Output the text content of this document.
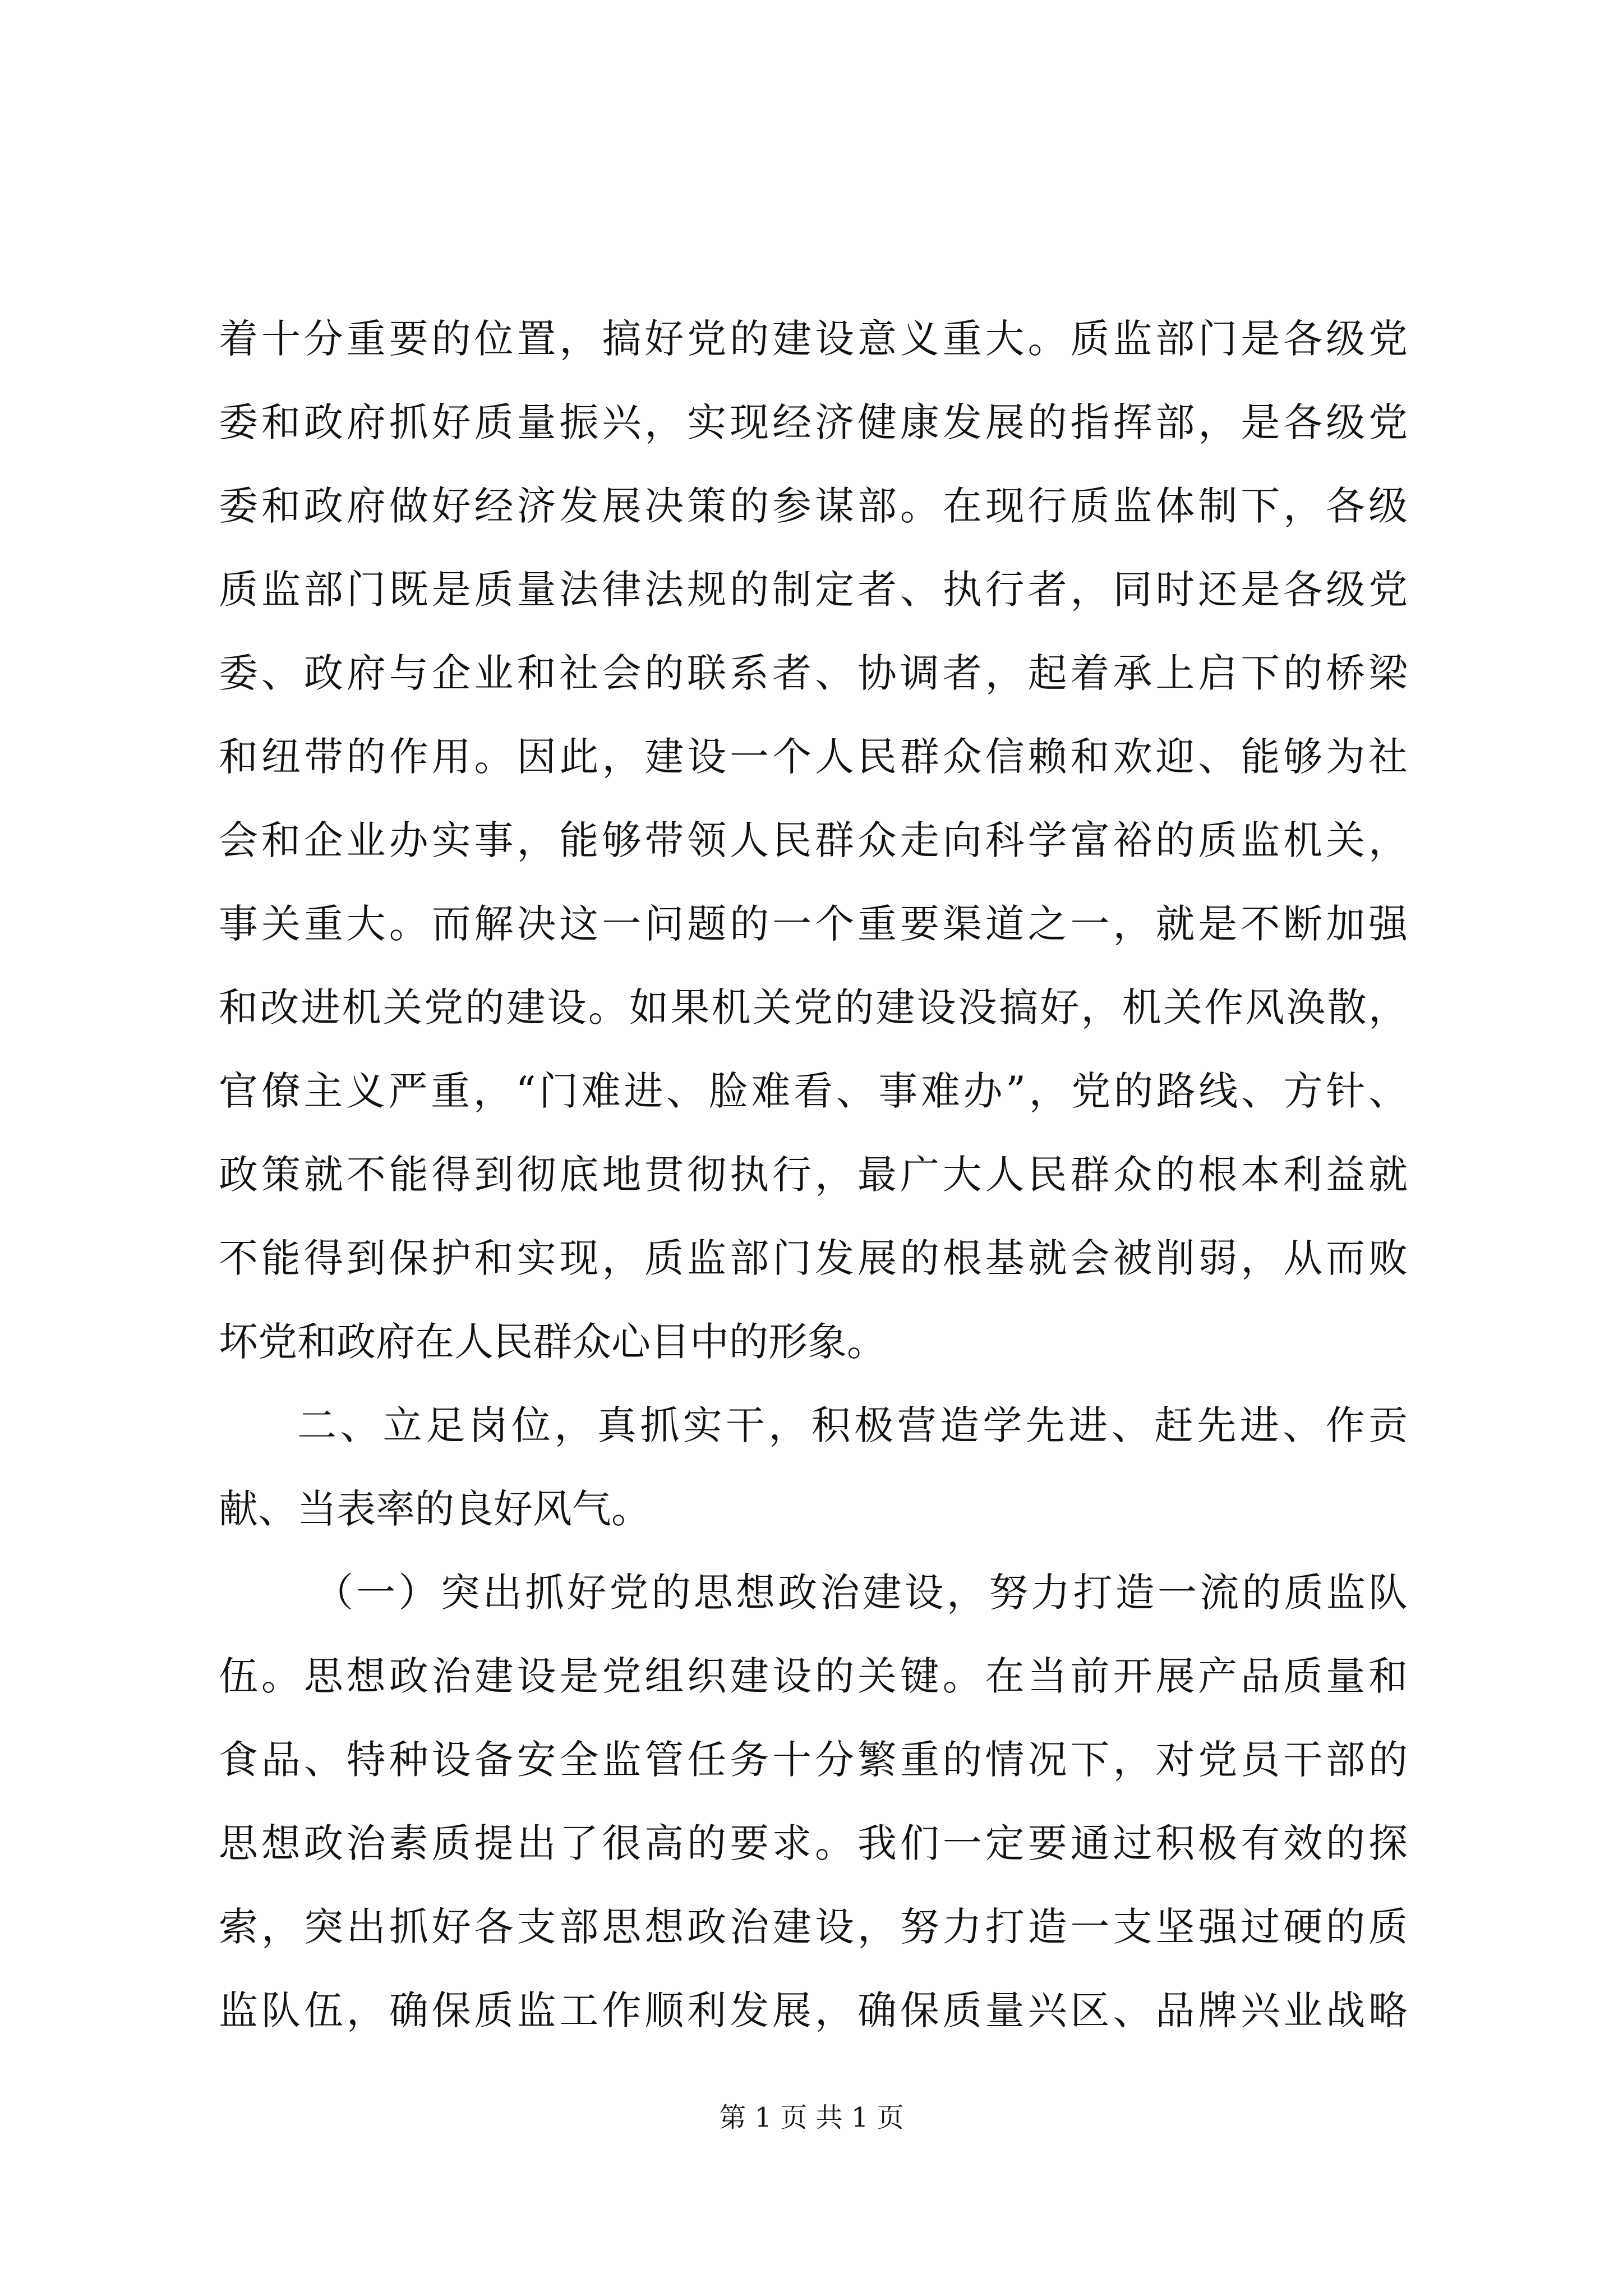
着十分重要的位置，搞好党的建设意义重大。质监部门是各级党
委和政府抓好质量振兴，实现经济健康发展的指挥部，是各级党
委和政府做好经济发展决策的参谋部。在现行质监体制下，各级
质监部门既是质量法律法规的制定者、执行者，同时还是各级党
委、政府与企业和社会的联系者、协调者，起着承上启下的桥梁
和纽带的作用。因此，建设一个人民群众信赖和欢迎、能够为社
会和企业办实事，能够带领人民群众走向科学富裕的质监机关，
事关重大。而解决这一问题的一个重要渠道之一，就是不断加强
和改进机关党的建设。如果机关党的建设没搞好，机关作风涣散，
官僚主义严重，“门难进、脸难看、事难办”，党的路线、方针、
政策就不能得到彻底地贯彻执行，最广大人民群众的根本利益就
不能得到保护和实现，质监部门发展的根基就会被削弱，从而败
坏党和政府在人民群众心目中的形象。
二、立足岗位，真抓实干，积极营造学先进、赶先进、作贡
献、当表率的良好风气。
（一）突出抓好党的思想政治建设，努力打造一流的质监队
伍。思想政治建设是党组织建设的关键。在当前开展产品质量和
食品、特种设备安全监管任务十分繁重的情况下，对党员干部的
思想政治素质提出了很高的要求。我们一定要通过积极有效的探
索，突出抓好各支部思想政治建设，努力打造一支坚强过硬的质
监队伍，确保质监工作顺利发展，确保质量兴区、品牌兴业战略
第 1 页 共 1 页
